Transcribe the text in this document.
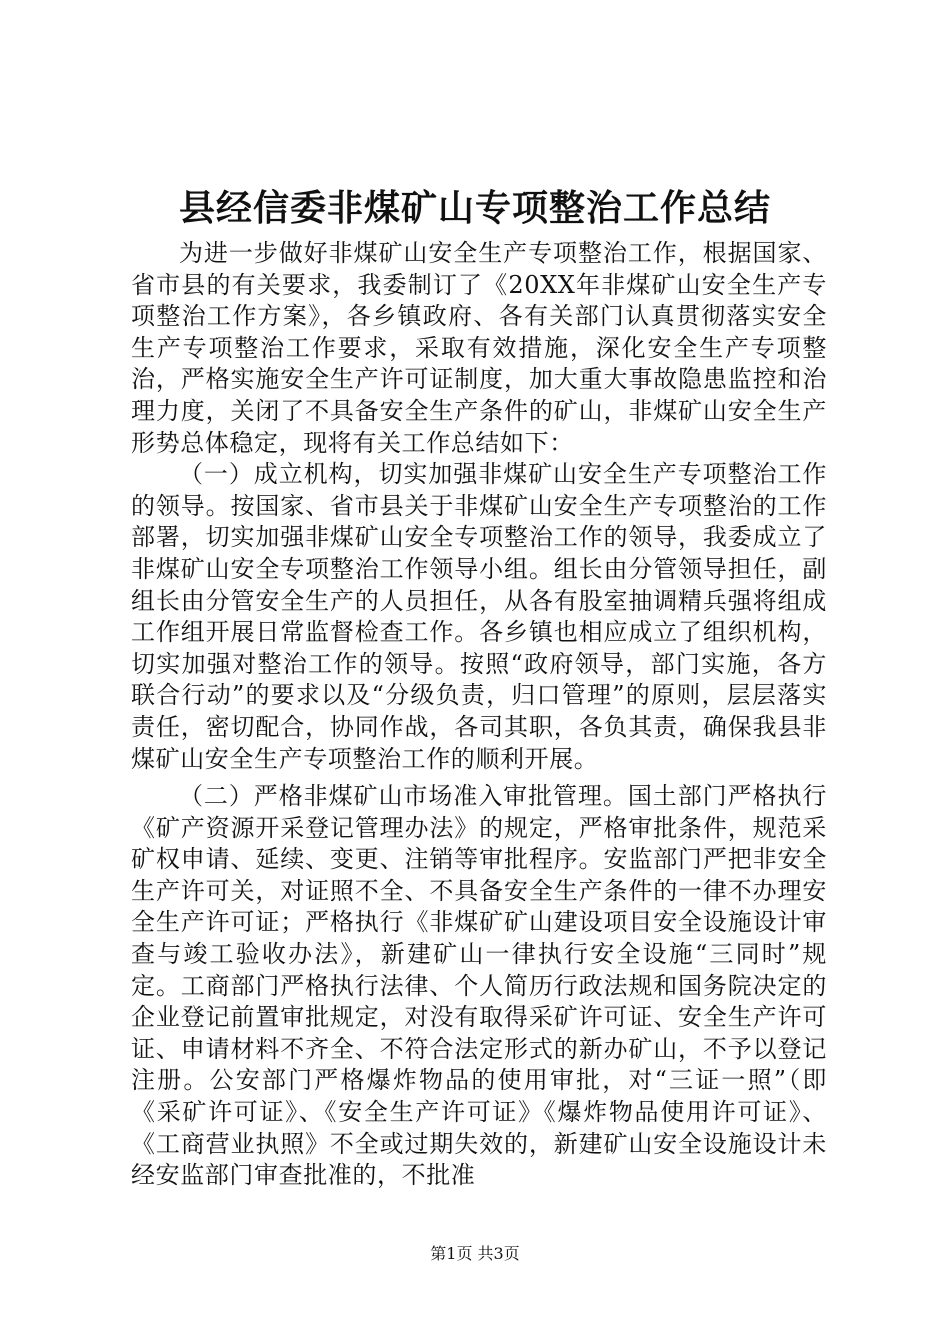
县经信委非煤矿山专项整治工作总结

为进一步做好非煤矿山安全生产专项整治工作，根据国家、省市县的有关要求，我委制订了《20XX年非煤矿山安全生产专项整治工作方案》，各乡镇政府、各有关部门认真贯彻落实安全生产专项整治工作要求，采取有效措施，深化安全生产专项整治，严格实施安全生产许可证制度，加大重大事故隐患监控和治理力度，关闭了不具备安全生产条件的矿山，非煤矿山安全生产形势总体稳定，现将有关工作总结如下：

（一）成立机构，切实加强非煤矿山安全生产专项整治工作的领导。按国家、省市县关于非煤矿山安全生产专项整治的工作部署，切实加强非煤矿山安全专项整治工作的领导，我委成立了非煤矿山安全专项整治工作领导小组。组长由分管领导担任，副组长由分管安全生产的人员担任，从各有股室抽调精兵强将组成工作组开展日常监督检查工作。各乡镇也相应成立了组织机构，切实加强对整治工作的领导。按照“政府领导，部门实施，各方联合行动”的要求以及“分级负责，归口管理”的原则，层层落实责任，密切配合，协同作战，各司其职，各负其责，确保我县非煤矿山安全生产专项整治工作的顺利开展。

（二）严格非煤矿山市场准入审批管理。国土部门严格执行《矿产资源开采登记管理办法》的规定，严格审批条件，规范采矿权申请、延续、变更、注销等审批程序。安监部门严把非安全生产许可关，对证照不全、不具备安全生产条件的一律不办理安全生产许可证；严格执行《非煤矿矿山建设项目安全设施设计审查与竣工验收办法》，新建矿山一律执行安全设施“三同时”规定。工商部门严格执行法律、个人简历行政法规和国务院决定的企业登记前置审批规定，对没有取得采矿许可证、安全生产许可证、申请材料不齐全、不符合法定形式的新办矿山，不予以登记注册。公安部门严格爆炸物品的使用审批，对“三证一照”（即《采矿许可证》、《安全生产许可证》《爆炸物品使用许可证》、《工商营业执照》不全或过期失效的，新建矿山安全设施设计未经安监部门审查批准的，不批准

第1页 共3页
